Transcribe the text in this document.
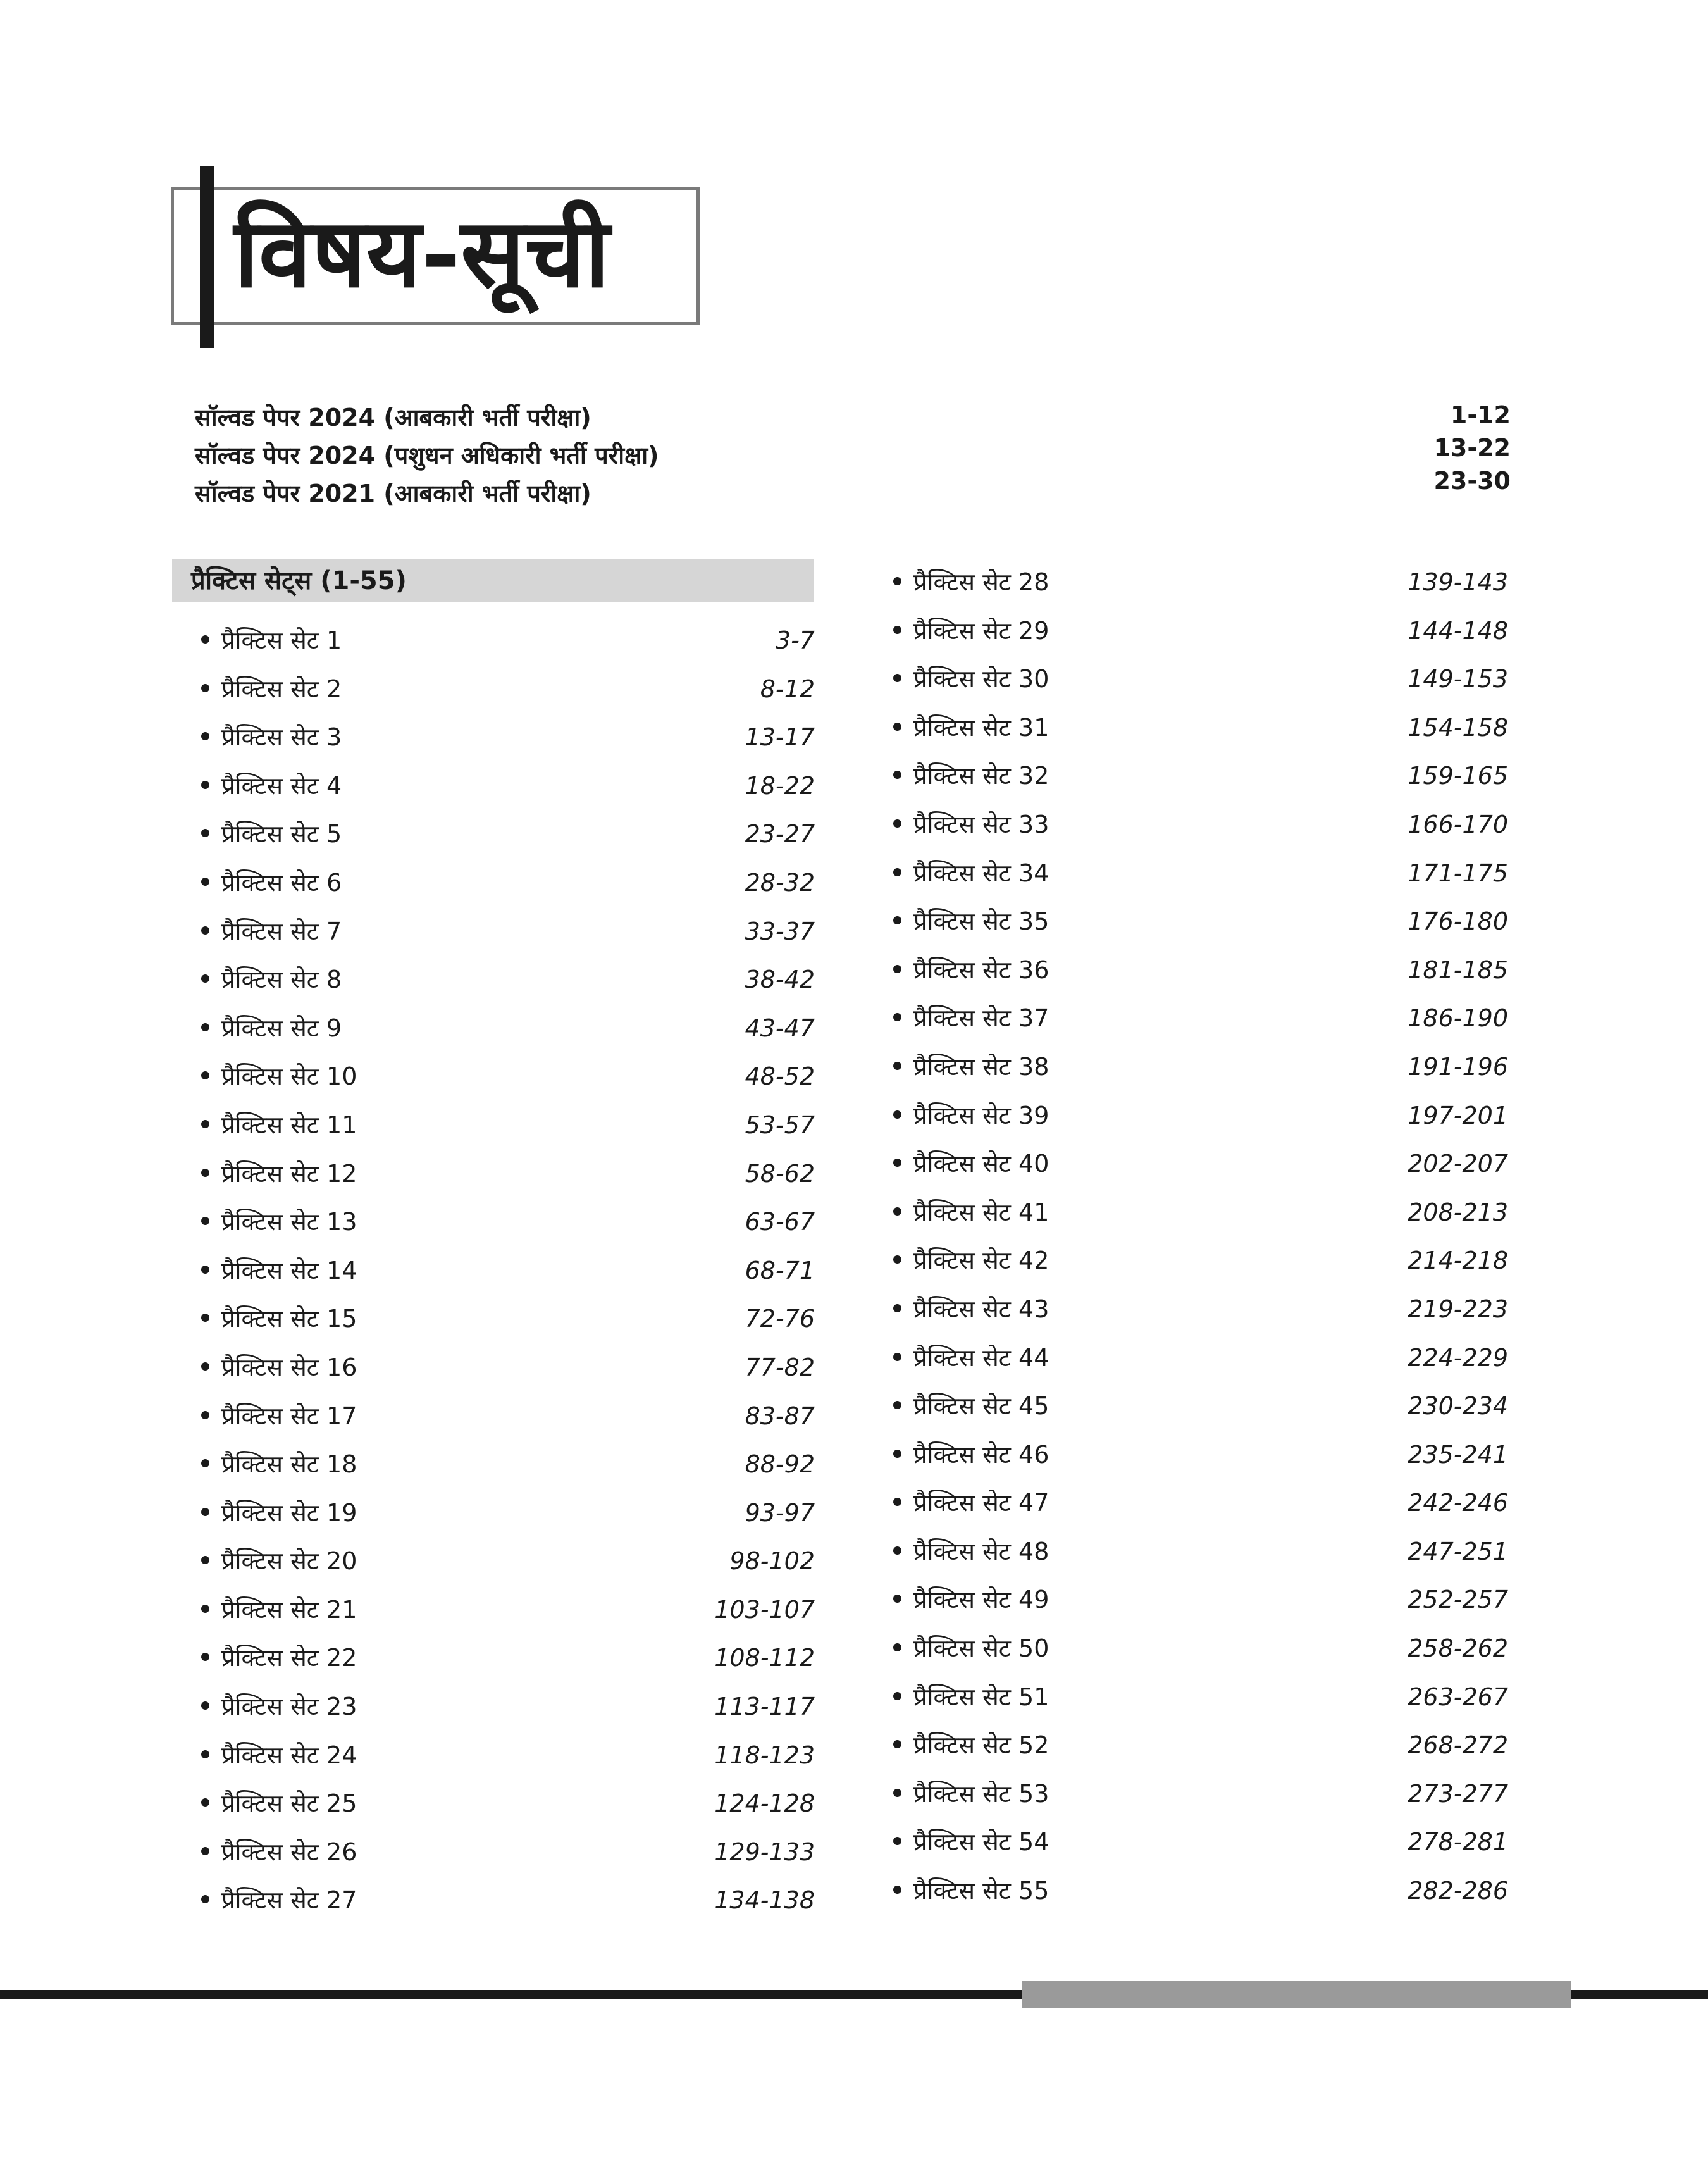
विषय-सूची
सॉल्वड पेपर 2024 (आबकारी भर्ती परीक्षा)	1-12
सॉल्वड पेपर 2024 (पशुधन अधिकारी भर्ती परीक्षा)	13-22
सॉल्वड पेपर 2021 (आबकारी भर्ती परीक्षा)	23-30
प्रैक्टिस सेट्स (1-55)
प्रैक्टिस सेट 1	3-7
प्रैक्टिस सेट 2	8-12
प्रैक्टिस सेट 3	13-17
प्रैक्टिस सेट 4	18-22
प्रैक्टिस सेट 5	23-27
प्रैक्टिस सेट 6	28-32
प्रैक्टिस सेट 7	33-37
प्रैक्टिस सेट 8	38-42
प्रैक्टिस सेट 9	43-47
प्रैक्टिस सेट 10	48-52
प्रैक्टिस सेट 11	53-57
प्रैक्टिस सेट 12	58-62
प्रैक्टिस सेट 13	63-67
प्रैक्टिस सेट 14	68-71
प्रैक्टिस सेट 15	72-76
प्रैक्टिस सेट 16	77-82
प्रैक्टिस सेट 17	83-87
प्रैक्टिस सेट 18	88-92
प्रैक्टिस सेट 19	93-97
प्रैक्टिस सेट 20	98-102
प्रैक्टिस सेट 21	103-107
प्रैक्टिस सेट 22	108-112
प्रैक्टिस सेट 23	113-117
प्रैक्टिस सेट 24	118-123
प्रैक्टिस सेट 25	124-128
प्रैक्टिस सेट 26	129-133
प्रैक्टिस सेट 27	134-138
प्रैक्टिस सेट 28	139-143
प्रैक्टिस सेट 29	144-148
प्रैक्टिस सेट 30	149-153
प्रैक्टिस सेट 31	154-158
प्रैक्टिस सेट 32	159-165
प्रैक्टिस सेट 33	166-170
प्रैक्टिस सेट 34	171-175
प्रैक्टिस सेट 35	176-180
प्रैक्टिस सेट 36	181-185
प्रैक्टिस सेट 37	186-190
प्रैक्टिस सेट 38	191-196
प्रैक्टिस सेट 39	197-201
प्रैक्टिस सेट 40	202-207
प्रैक्टिस सेट 41	208-213
प्रैक्टिस सेट 42	214-218
प्रैक्टिस सेट 43	219-223
प्रैक्टिस सेट 44	224-229
प्रैक्टिस सेट 45	230-234
प्रैक्टिस सेट 46	235-241
प्रैक्टिस सेट 47	242-246
प्रैक्टिस सेट 48	247-251
प्रैक्टिस सेट 49	252-257
प्रैक्टिस सेट 50	258-262
प्रैक्टिस सेट 51	263-267
प्रैक्टिस सेट 52	268-272
प्रैक्टिस सेट 53	273-277
प्रैक्टिस सेट 54	278-281
प्रैक्टिस सेट 55	282-286
